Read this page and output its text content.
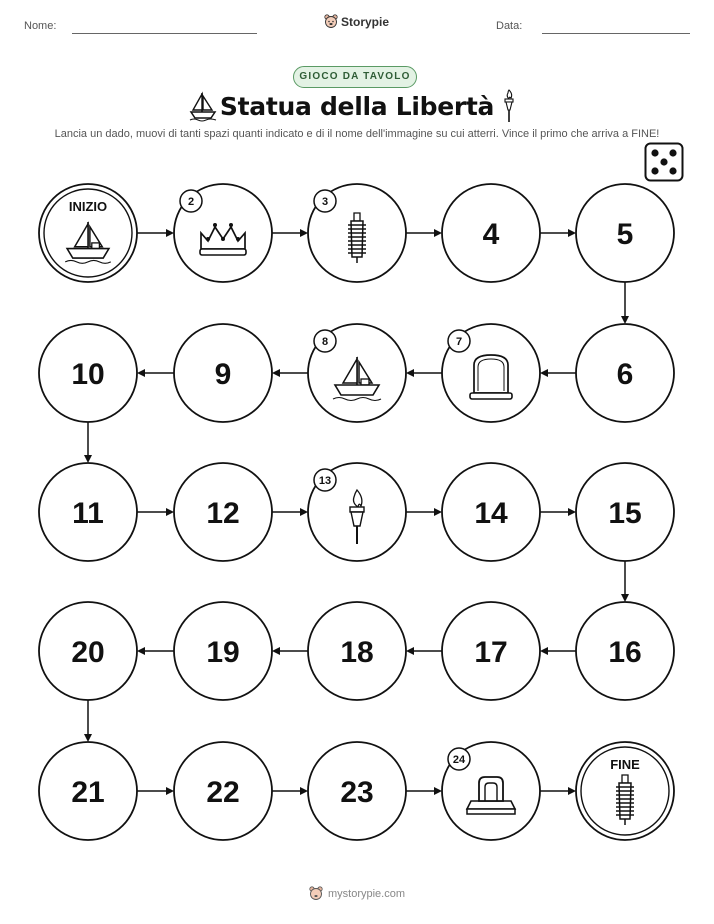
Nome:	Storypie	Data:
GIOCO DA TAVOLO
Statua della Libertà
Lancia un dado, muovi di tanti spazi quanti indicato e di il nome dell'immagine su cui atterri. Vince il primo che arriva a FINE!
INIZIO	2	3
4	5
6
7
8
9
10
11	12
13
14	15
16
17
18
19
20
21	22	23
24	FINE
mystorypie.com
